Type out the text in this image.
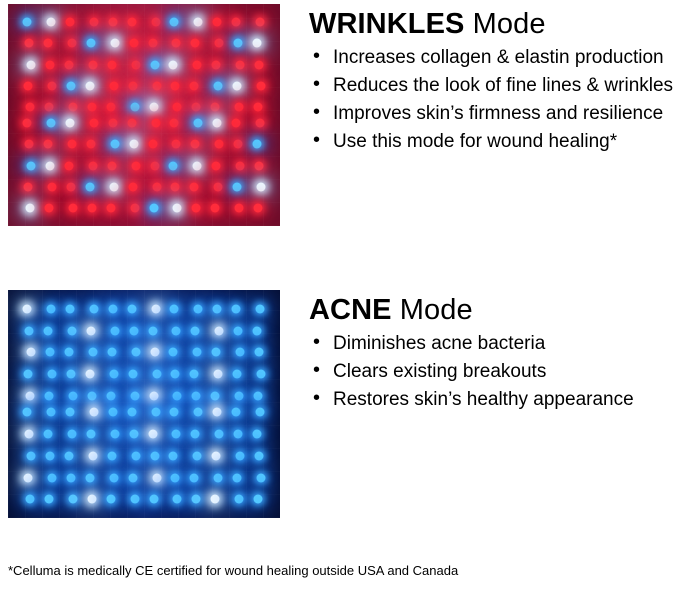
WRINKLES Mode
• Increases collagen & elastin production
• Reduces the look of fine lines & wrinkles
• Improves skin’s firmness and resilience
• Use this mode for wound healing*
ACNE Mode
• Diminishes acne bacteria
• Clears existing breakouts
• Restores skin’s healthy appearance
*Celluma is medically CE certified for wound healing outside USA and Canada
